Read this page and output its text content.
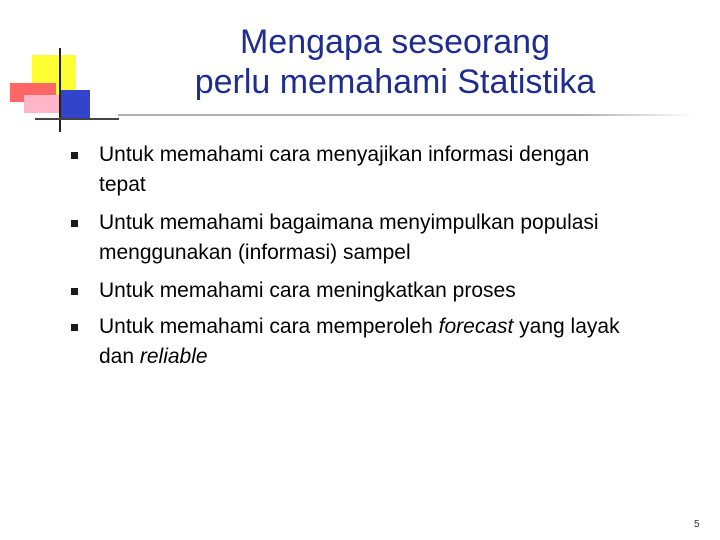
Mengapa seseorang
perlu memahami Statistika
Untuk memahami cara menyajikan informasi dengan tepat
Untuk memahami bagaimana menyimpulkan populasi menggunakan (informasi) sampel
Untuk memahami cara meningkatkan proses
Untuk memahami cara memperoleh forecast yang layak dan reliable
5
